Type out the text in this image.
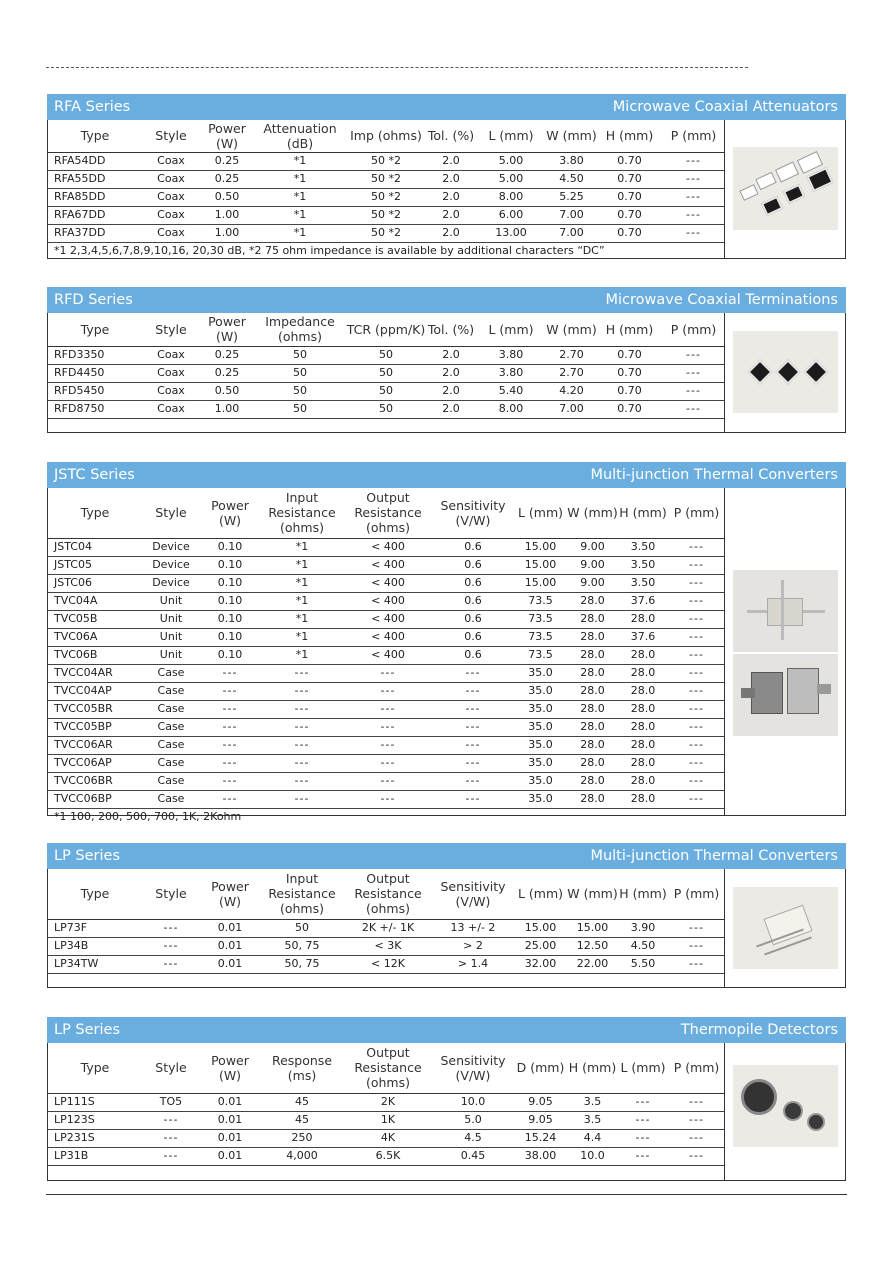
RFA Series	Microwave Coaxial Attenuators
Type	Style	Power (W)	Attenuation (dB)	Imp (ohms)	Tol. (%)	L (mm)	W (mm)	H (mm)	P (mm)
RFA54DD	Coax	0.25	*1	50 *2	2.0	5.00	3.80	0.70	---
RFA55DD	Coax	0.25	*1	50 *2	2.0	5.00	4.50	0.70	---
RFA85DD	Coax	0.50	*1	50 *2	2.0	8.00	5.25	0.70	---
RFA67DD	Coax	1.00	*1	50 *2	2.0	6.00	7.00	0.70	---
RFA37DD	Coax	1.00	*1	50 *2	2.0	13.00	7.00	0.70	---
*1 2,3,4,5,6,7,8,9,10,16, 20,30 dB, *2 75 ohm impedance is available by additional characters “DC”
RFD Series	Microwave Coaxial Terminations
Type	Style	Power (W)	Impedance (ohms)	TCR (ppm/K)	Tol. (%)	L (mm)	W (mm)	H (mm)	P (mm)
RFD3350	Coax	0.25	50	50	2.0	3.80	2.70	0.70	---
RFD4450	Coax	0.25	50	50	2.0	3.80	2.70	0.70	---
RFD5450	Coax	0.50	50	50	2.0	5.40	4.20	0.70	---
RFD8750	Coax	1.00	50	50	2.0	8.00	7.00	0.70	---
JSTC Series	Multi-junction Thermal Converters
Type	Style	Power (W)	Input Resistance (ohms)	Output Resistance (ohms)	Sensitivity (V/W)	L (mm)	W (mm)	H (mm)	P (mm)
JSTC04	Device	0.10	*1	< 400	0.6	15.00	9.00	3.50	---
JSTC05	Device	0.10	*1	< 400	0.6	15.00	9.00	3.50	---
JSTC06	Device	0.10	*1	< 400	0.6	15.00	9.00	3.50	---
TVC04A	Unit	0.10	*1	< 400	0.6	73.5	28.0	37.6	---
TVC05B	Unit	0.10	*1	< 400	0.6	73.5	28.0	28.0	---
TVC06A	Unit	0.10	*1	< 400	0.6	73.5	28.0	37.6	---
TVC06B	Unit	0.10	*1	< 400	0.6	73.5	28.0	28.0	---
TVCC04AR	Case	---	---	---	---	35.0	28.0	28.0	---
TVCC04AP	Case	---	---	---	---	35.0	28.0	28.0	---
TVCC05BR	Case	---	---	---	---	35.0	28.0	28.0	---
TVCC05BP	Case	---	---	---	---	35.0	28.0	28.0	---
TVCC06AR	Case	---	---	---	---	35.0	28.0	28.0	---
TVCC06AP	Case	---	---	---	---	35.0	28.0	28.0	---
TVCC06BR	Case	---	---	---	---	35.0	28.0	28.0	---
TVCC06BP	Case	---	---	---	---	35.0	28.0	28.0	---
*1 100, 200, 500, 700, 1K, 2Kohm
LP Series	Multi-junction Thermal Converters
Type	Style	Power (W)	Input Resistance (ohms)	Output Resistance (ohms)	Sensitivity (V/W)	L (mm)	W (mm)	H (mm)	P (mm)
LP73F	---	0.01	50	2K +/- 1K	13 +/- 2	15.00	15.00	3.90	---
LP34B	---	0.01	50, 75	< 3K	> 2	25.00	12.50	4.50	---
LP34TW	---	0.01	50, 75	< 12K	> 1.4	32.00	22.00	5.50	---
LP Series	Thermopile Detectors
Type	Style	Power (W)	Response (ms)	Output Resistance (ohms)	Sensitivity (V/W)	D (mm)	H (mm)	L (mm)	P (mm)
LP111S	TO5	0.01	45	2K	10.0	9.05	3.5	---	---
LP123S	---	0.01	45	1K	5.0	9.05	3.5	---	---
LP231S	---	0.01	250	4K	4.5	15.24	4.4	---	---
LP31B	---	0.01	4,000	6.5K	0.45	38.00	10.0	---	---
